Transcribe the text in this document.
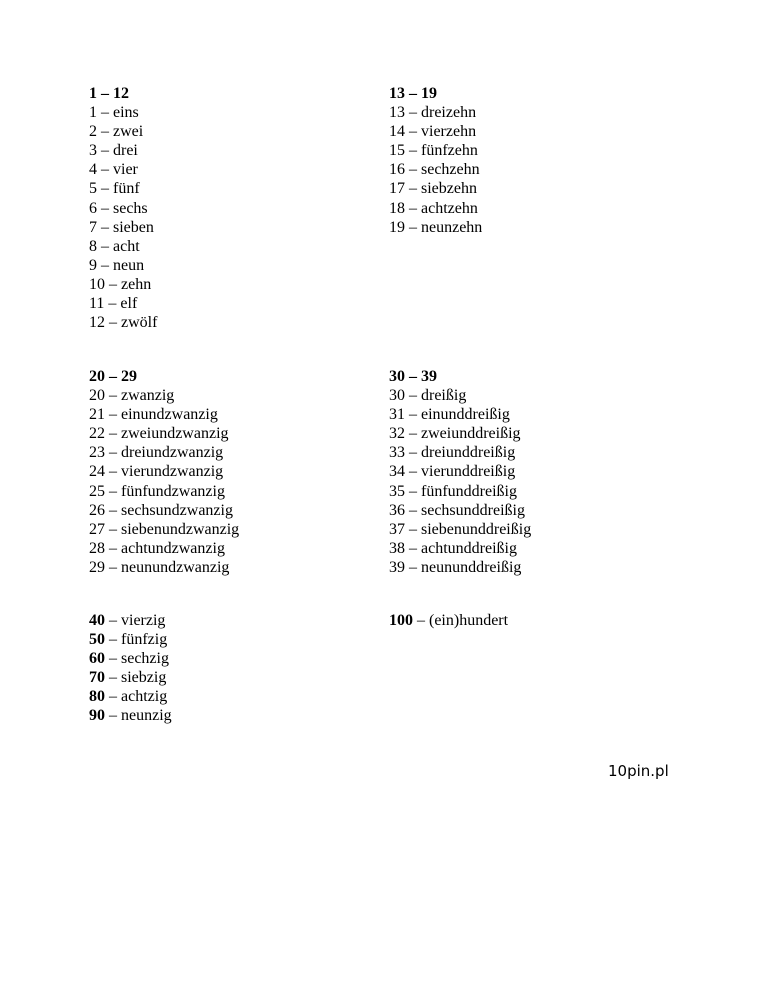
1 – 12
1 – eins
2 – zwei
3 – drei
4 – vier
5 – fünf
6 – sechs
7 – sieben
8 – acht
9 – neun
10 – zehn
11 – elf
12 – zwölf
13 – 19
13 – dreizehn
14 – vierzehn
15 – fünfzehn
16 – sechzehn
17 – siebzehn
18 – achtzehn
19 – neunzehn
20 – 29
20 – zwanzig
21 – einundzwanzig
22 – zweiundzwanzig
23 – dreiundzwanzig
24 – vierundzwanzig
25 – fünfundzwanzig
26 – sechsundzwanzig
27 – siebenundzwanzig
28 – achtundzwanzig
29 – neunundzwanzig
30 – 39
30 – dreißig
31 – einunddreißig
32 – zweiunddreißig
33 – dreiunddreißig
34 – vierunddreißig
35 – fünfunddreißig
36 – sechsunddreißig
37 – siebenunddreißig
38 – achtunddreißig
39 – neununddreißig
40 – vierzig
50 – fünfzig
60 – sechzig
70 – siebzig
80 – achtzig
90 – neunzig
100 – (ein)hundert
10pin.pl
